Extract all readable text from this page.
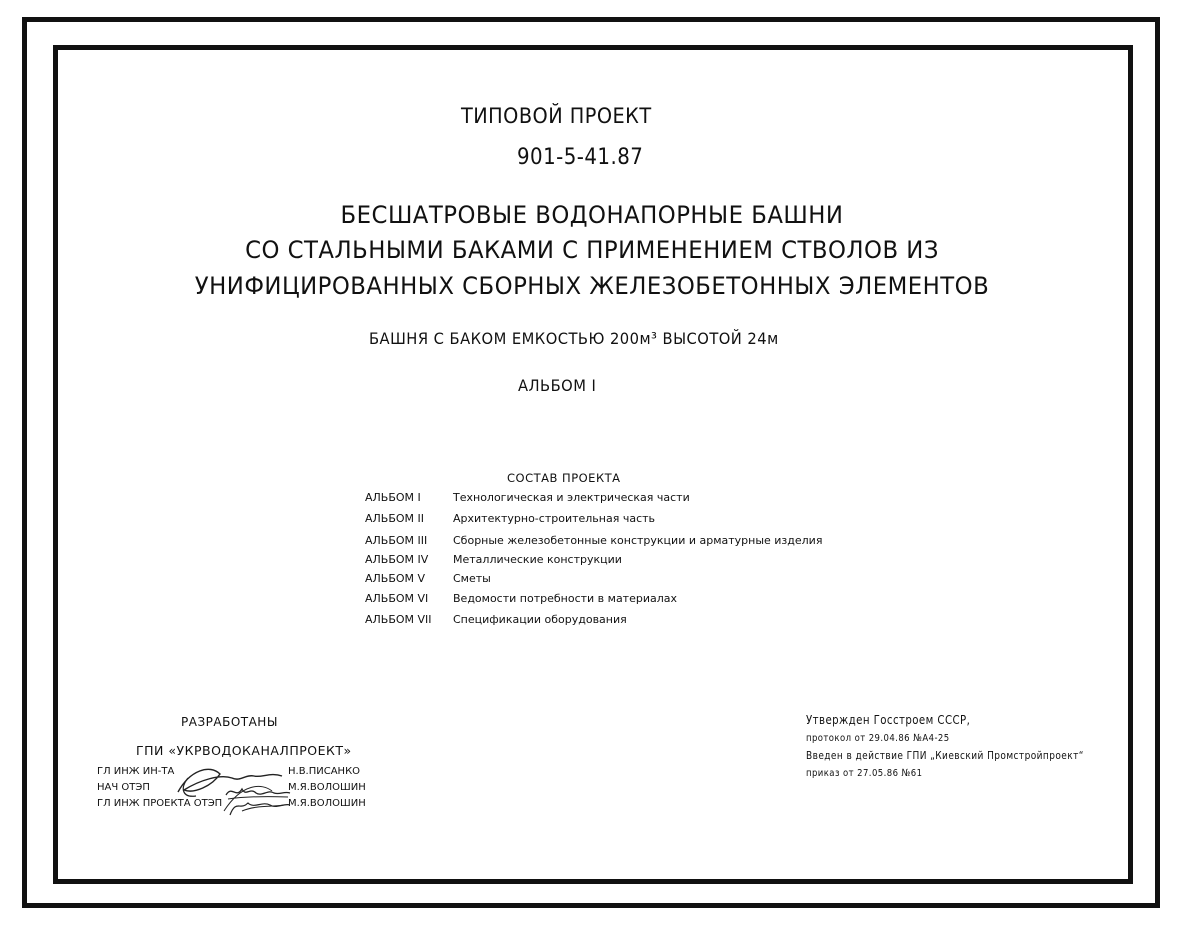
ТИПОВОЙ ПРОЕКТ
901-5-41.87
БЕСШАТРОВЫЕ ВОДОНАПОРНЫЕ БАШНИ
СО СТАЛЬНЫМИ БАКАМИ С ПРИМЕНЕНИЕМ СТВОЛОВ ИЗ
УНИФИЦИРОВАННЫХ СБОРНЫХ ЖЕЛЕЗОБЕТОННЫХ ЭЛЕМЕНТОВ
БАШНЯ С БАКОМ ЕМКОСТЬЮ 200м³ ВЫСОТОЙ 24м
АЛЬБОМ I
СОСТАВ ПРОЕКТА
АЛЬБОМ I	Технологическая и электрическая части
АЛЬБОМ II	Архитектурно-строительная часть
АЛЬБОМ III	Сборные железобетонные конструкции и арматурные изделия
АЛЬБОМ IV	Металлические конструкции
АЛЬБОМ V	Сметы
АЛЬБОМ VI	Ведомости потребности в материалах
АЛЬБОМ VII	Спецификации оборудования
РАЗРАБОТАНЫ
ГПИ «УКРВОДОКАНАЛПРОЕКТ»
ГЛ ИНЖ ИН-ТА	Н.В.ПИСАНКО
НАЧ ОТЭП	М.Я.ВОЛОШИН
ГЛ ИНЖ ПРОЕКТА ОТЭП	М.Я.ВОЛОШИН
Утвержден Госстроем СССР,
протокол от 29.04.86 №А4-25
Введен в действие ГПИ „Киевский Промстройпроект“
приказ от 27.05.86 №61
